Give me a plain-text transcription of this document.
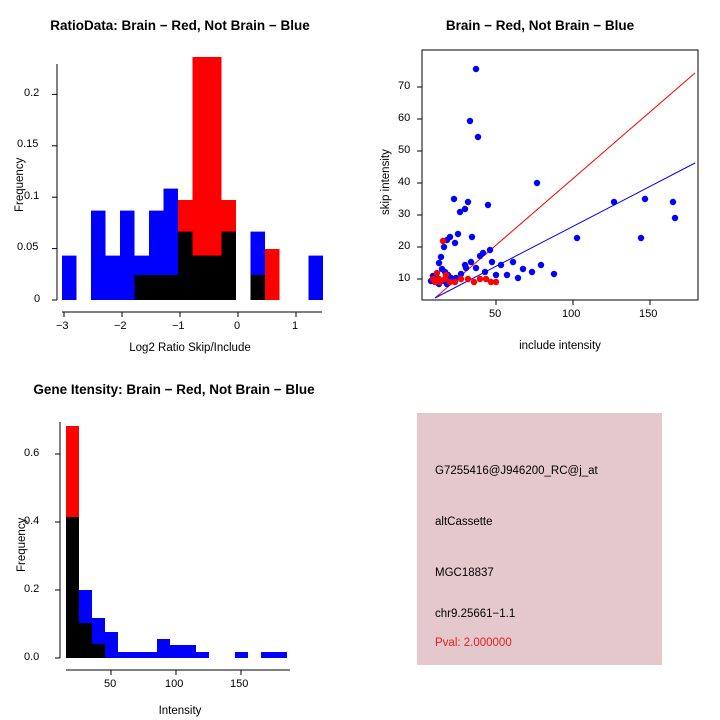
RatioData: Brain − Red, Not Brain − Blue
0
0.05
0.1
0.15
0.2
−3	−2	−1	0	1
Log2 Ratio Skip/Include
Frequency
Brain − Red, Not Brain − Blue
10
20
30
40
50
60
70
50	100	150
include intensity
skip intensity
Gene Itensity: Brain − Red, Not Brain − Blue
0.0
0.2
0.4
0.6
50	100	150
Intensity
Frequency
G7255416@J946200_RC@j_at
altCassette
MGC18837
chr9.25661−1.1
Pval: 2.000000
